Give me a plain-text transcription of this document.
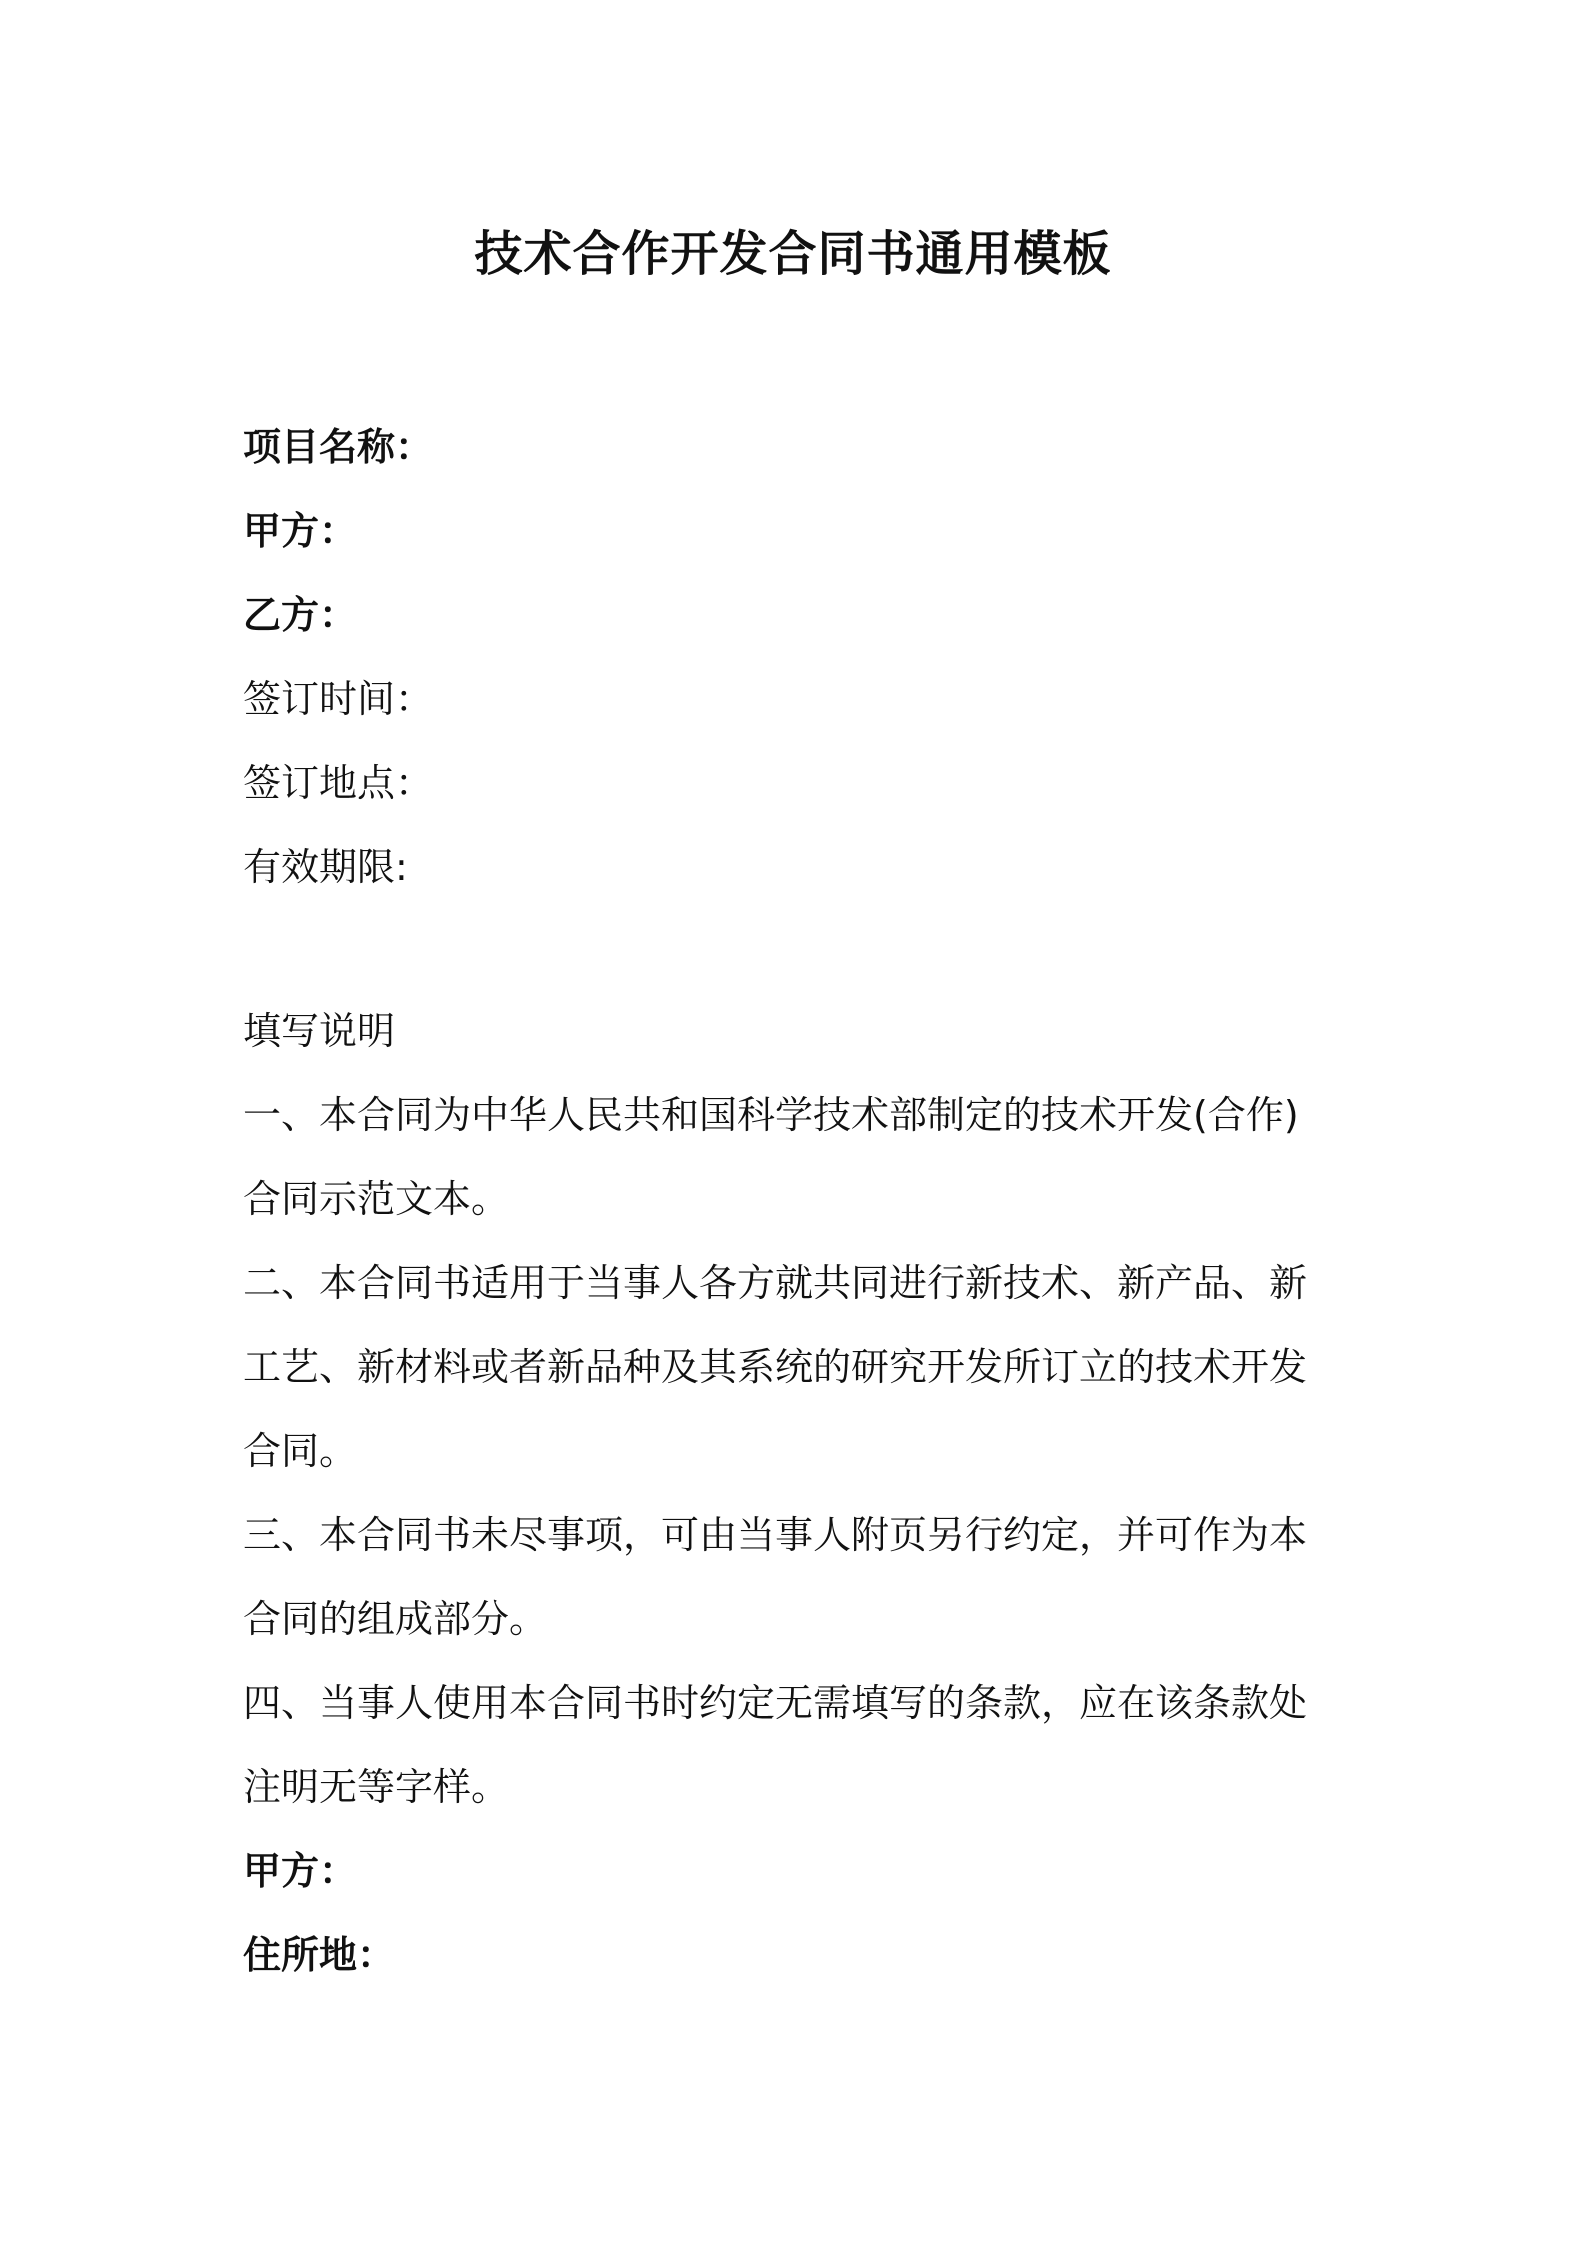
技术合作开发合同书通用模板

项目名称：

甲方：

乙方：

签订时间：

签订地点：

有效期限:

填写说明

一、本合同为中华人民共和国科学技术部制定的技术开发(合作)

合同示范文本。

二、本合同书适用于当事人各方就共同进行新技术、新产品、新

工艺、新材料或者新品种及其系统的研究开发所订立的技术开发

合同。

三、本合同书未尽事项，可由当事人附页另行约定，并可作为本

合同的组成部分。

四、当事人使用本合同书时约定无需填写的条款，应在该条款处

注明无等字样。

甲方：

住所地：
